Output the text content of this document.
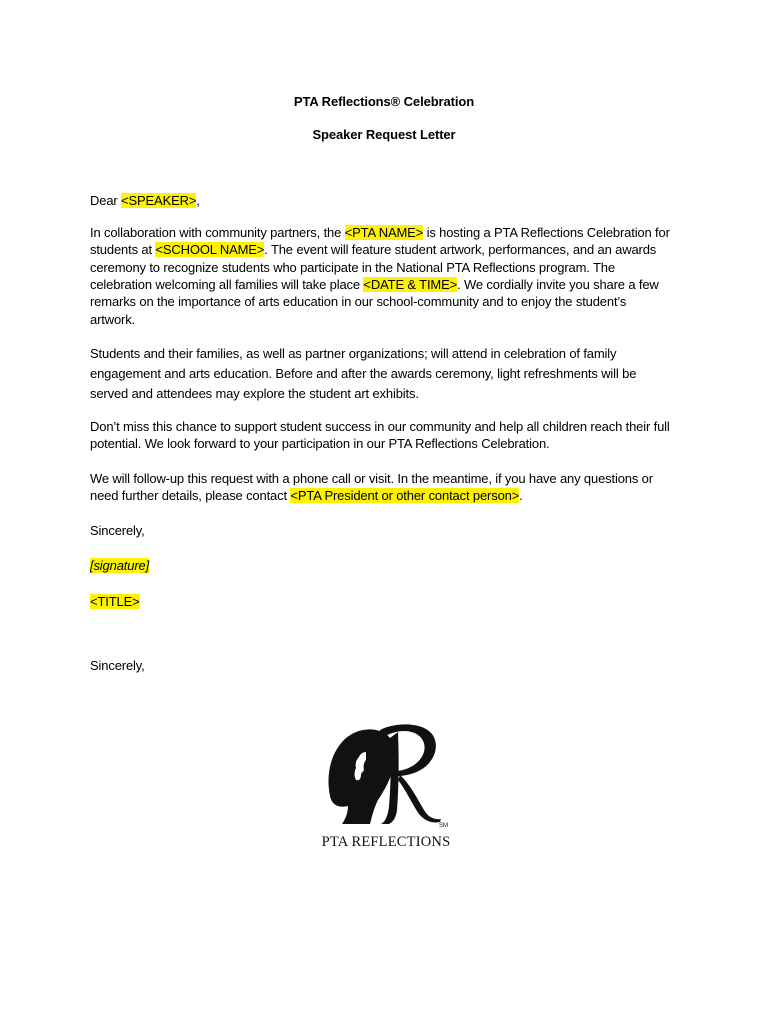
PTA Reflections® Celebration
Speaker Request Letter
Dear <SPEAKER>,
In collaboration with community partners, the <PTA NAME> is hosting a PTA Reflections Celebration for
students at <SCHOOL NAME>. The event will feature student artwork, performances, and an awards
ceremony to recognize students who participate in the National PTA Reflections program. The
celebration welcoming all families will take place <DATE & TIME>. We cordially invite you share a few
remarks on the importance of arts education in our school-community and to enjoy the student’s
artwork.
Students and their families, as well as partner organizations; will attend in celebration of family
engagement and arts education. Before and after the awards ceremony, light refreshments will be
served and attendees may explore the student art exhibits.
Don’t miss this chance to support student success in our community and help all children reach their full
potential. We look forward to your participation in our PTA Reflections Celebration.
We will follow-up this request with a phone call or visit. In the meantime, if you have any questions or
need further details, please contact <PTA President or other contact person>.
Sincerely,
[signature]
<TITLE>
Sincerely,
SM
PTA REFLECTIONS
